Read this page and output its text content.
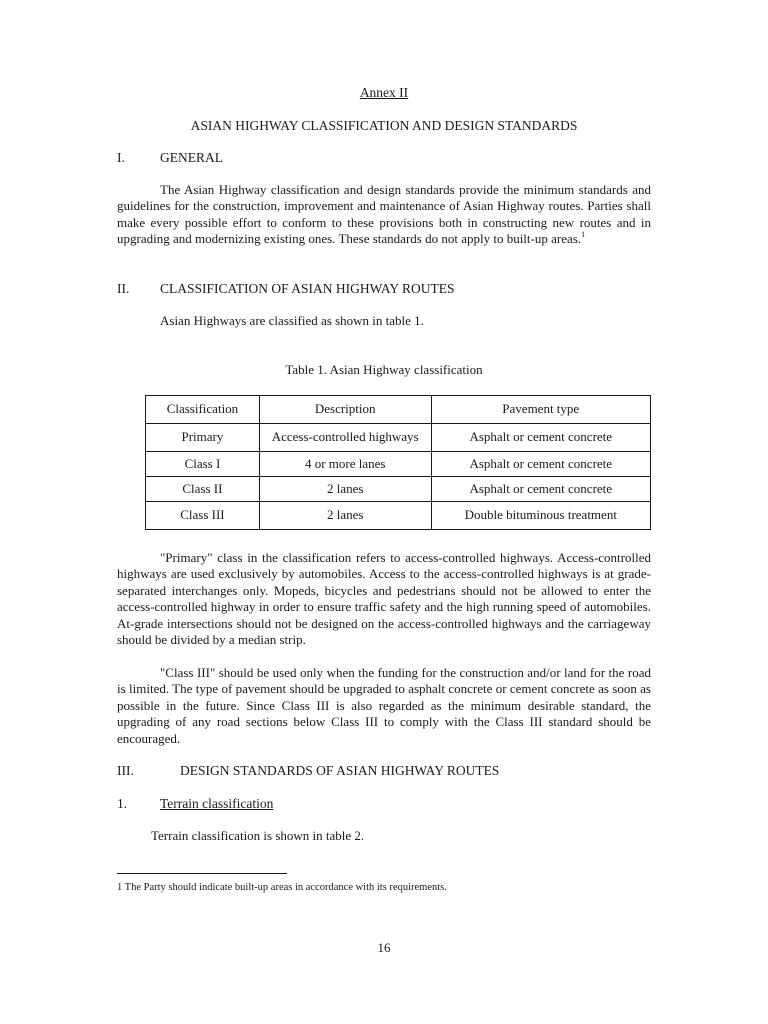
Annex II
ASIAN HIGHWAY CLASSIFICATION AND DESIGN STANDARDS
I.	GENERAL

The Asian Highway classification and design standards provide the minimum standards and guidelines for the construction, improvement and maintenance of Asian Highway routes. Parties shall make every possible effort to conform to these provisions both in constructing new routes and in upgrading and modernizing existing ones. These standards do not apply to built-up areas.$^1$

II. CLASSIFICATION OF ASIAN HIGHWAY ROUTES
Asian Highways are classified as shown in table 1.
Table 1. Asian Highway classification
Classification	Description	Pavement type
Primary	Access-controlled highways	Asphalt or cement concrete
Class I	4 or more lanes	Asphalt or cement concrete
Class II	2 lanes	Asphalt or cement concrete
Class III	2 lanes	Double bituminous treatment

"Primary" class in the classification refers to access-controlled highways. Access-controlled highways are used exclusively by automobiles. Access to the access-controlled highways is at grade-separated interchanges only. Mopeds, bicycles and pedestrians should not be allowed to enter the access-controlled highway in order to ensure traffic safety and the high running speed of automobiles. At-grade intersections should not be designed on the access-controlled highways and the carriageway should be divided by a median strip.

"Class III" should be used only when the funding for the construction and/or land for the road is limited. The type of pavement should be upgraded to asphalt concrete or cement concrete as soon as possible in the future. Since Class III is also regarded as the minimum desirable standard, the upgrading of any road sections below Class III to comply with the Class III standard should be encouraged.

III.	DESIGN STANDARDS OF ASIAN HIGHWAY ROUTES
1. Terrain classification
Terrain classification is shown in table 2.
1 The Party should indicate built-up areas in accordance with its requirements.
16
